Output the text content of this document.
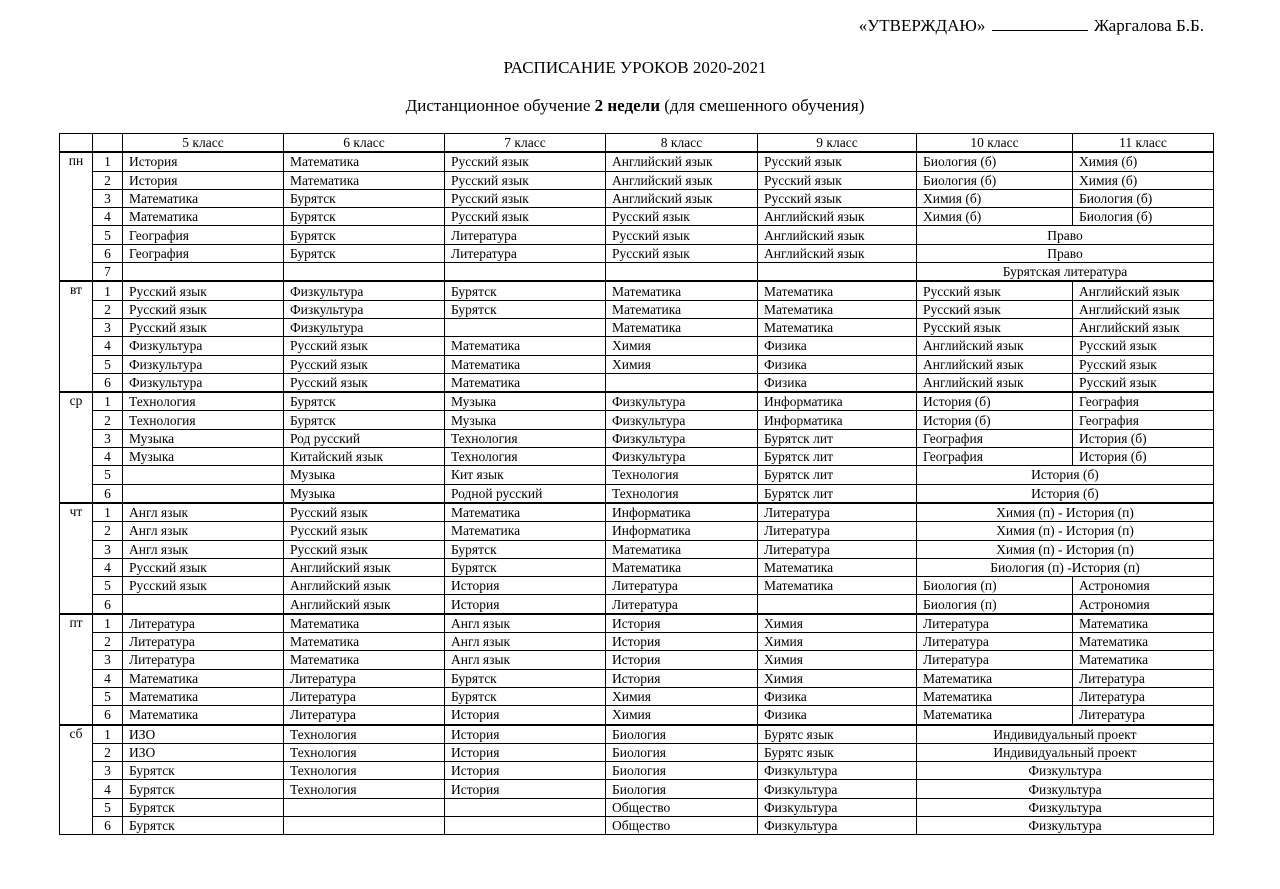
«УТВЕРЖДАЮ»	Жаргалова Б.Б.
РАСПИСАНИЕ УРОКОВ 2020-2021
Дистанционное обучение 2 недели (для смешенного обучения)
		5 класс	6 класс	7 класс	8 класс	9 класс	10 класс	11 класс
пн	1	История	Математика	Русский язык	Английский язык	Русский язык	Биология (б)	Химия (б)
	2	История	Математика	Русский язык	Английский язык	Русский язык	Биология (б)	Химия (б)
	3	Математика	Бурятск	Русский язык	Английский язык	Русский язык	Химия (б)	Биология (б)
	4	Математика	Бурятск	Русский язык	Русский язык	Английский язык	Химия (б)	Биология (б)
	5	География	Бурятск	Литература	Русский язык	Английский язык	Право	
	6	География	Бурятск	Литература	Русский язык	Английский язык	Право	
	7						Бурятская литература	
вт	1	Русский язык	Физкультура	Бурятск	Математика	Математика	Русский язык	Английский язык
	2	Русский язык	Физкультура	Бурятск	Математика	Математика	Русский язык	Английский язык
	3	Русский язык	Физкультура		Математика	Математика	Русский язык	Английский язык
	4	Физкультура	Русский язык	Математика	Химия	Физика	Английский язык	Русский язык
	5	Физкультура	Русский язык	Математика	Химия	Физика	Английский язык	Русский язык
	6	Физкультура	Русский язык	Математика		Физика	Английский язык	Русский язык
ср	1	Технология	Бурятск	Музыка	Физкультура	Информатика	История (б)	География
	2	Технология	Бурятск	Музыка	Физкультура	Информатика	История (б)	География
	3	Музыка	Род русский	Технология	Физкультура	Бурятск лит	География	История (б)
	4	Музыка	Китайский язык	Технология	Физкультура	Бурятск лит	География	История (б)
	5		Музыка	Кит язык	Технология	Бурятск лит	История (б)	
	6		Музыка	Родной русский	Технология	Бурятск лит	История (б)	
чт	1	Англ язык	Русский язык	Математика	Информатика	Литература	Химия (п) - История (п)	
	2	Англ язык	Русский язык	Математика	Информатика	Литература	Химия (п) - История (п)	
	3	Англ язык	Русский язык	Бурятск	Математика	Литература	Химия (п) - История (п)	
	4	Русский язык	Английский язык	Бурятск	Математика	Математика	Биология (п) -История (п)	
	5	Русский язык	Английский язык	История	Литература	Математика	Биология (п)	Астрономия
	6		Английский язык	История	Литература		Биология (п)	Астрономия
пт	1	Литература	Математика	Англ язык	История	Химия	Литература	Математика
	2	Литература	Математика	Англ язык	История	Химия	Литература	Математика
	3	Литература	Математика	Англ язык	История	Химия	Литература	Математика
	4	Математика	Литература	Бурятск	История	Химия	Математика	Литература
	5	Математика	Литература	Бурятск	Химия	Физика	Математика	Литература
	6	Математика	Литература	История	Химия	Физика	Математика	Литература
сб	1	ИЗО	Технология	История	Биология	Бурятс язык	Индивидуальный проект	
	2	ИЗО	Технология	История	Биология	Бурятс язык	Индивидуальный проект	
	3	Бурятск	Технология	История	Биология	Физкультура	Физкультура	
	4	Бурятск	Технология	История	Биология	Физкультура	Физкультура	
	5	Бурятск			Общество	Физкультура	Физкультура	
	6	Бурятск			Общество	Физкультура	Физкультура	
